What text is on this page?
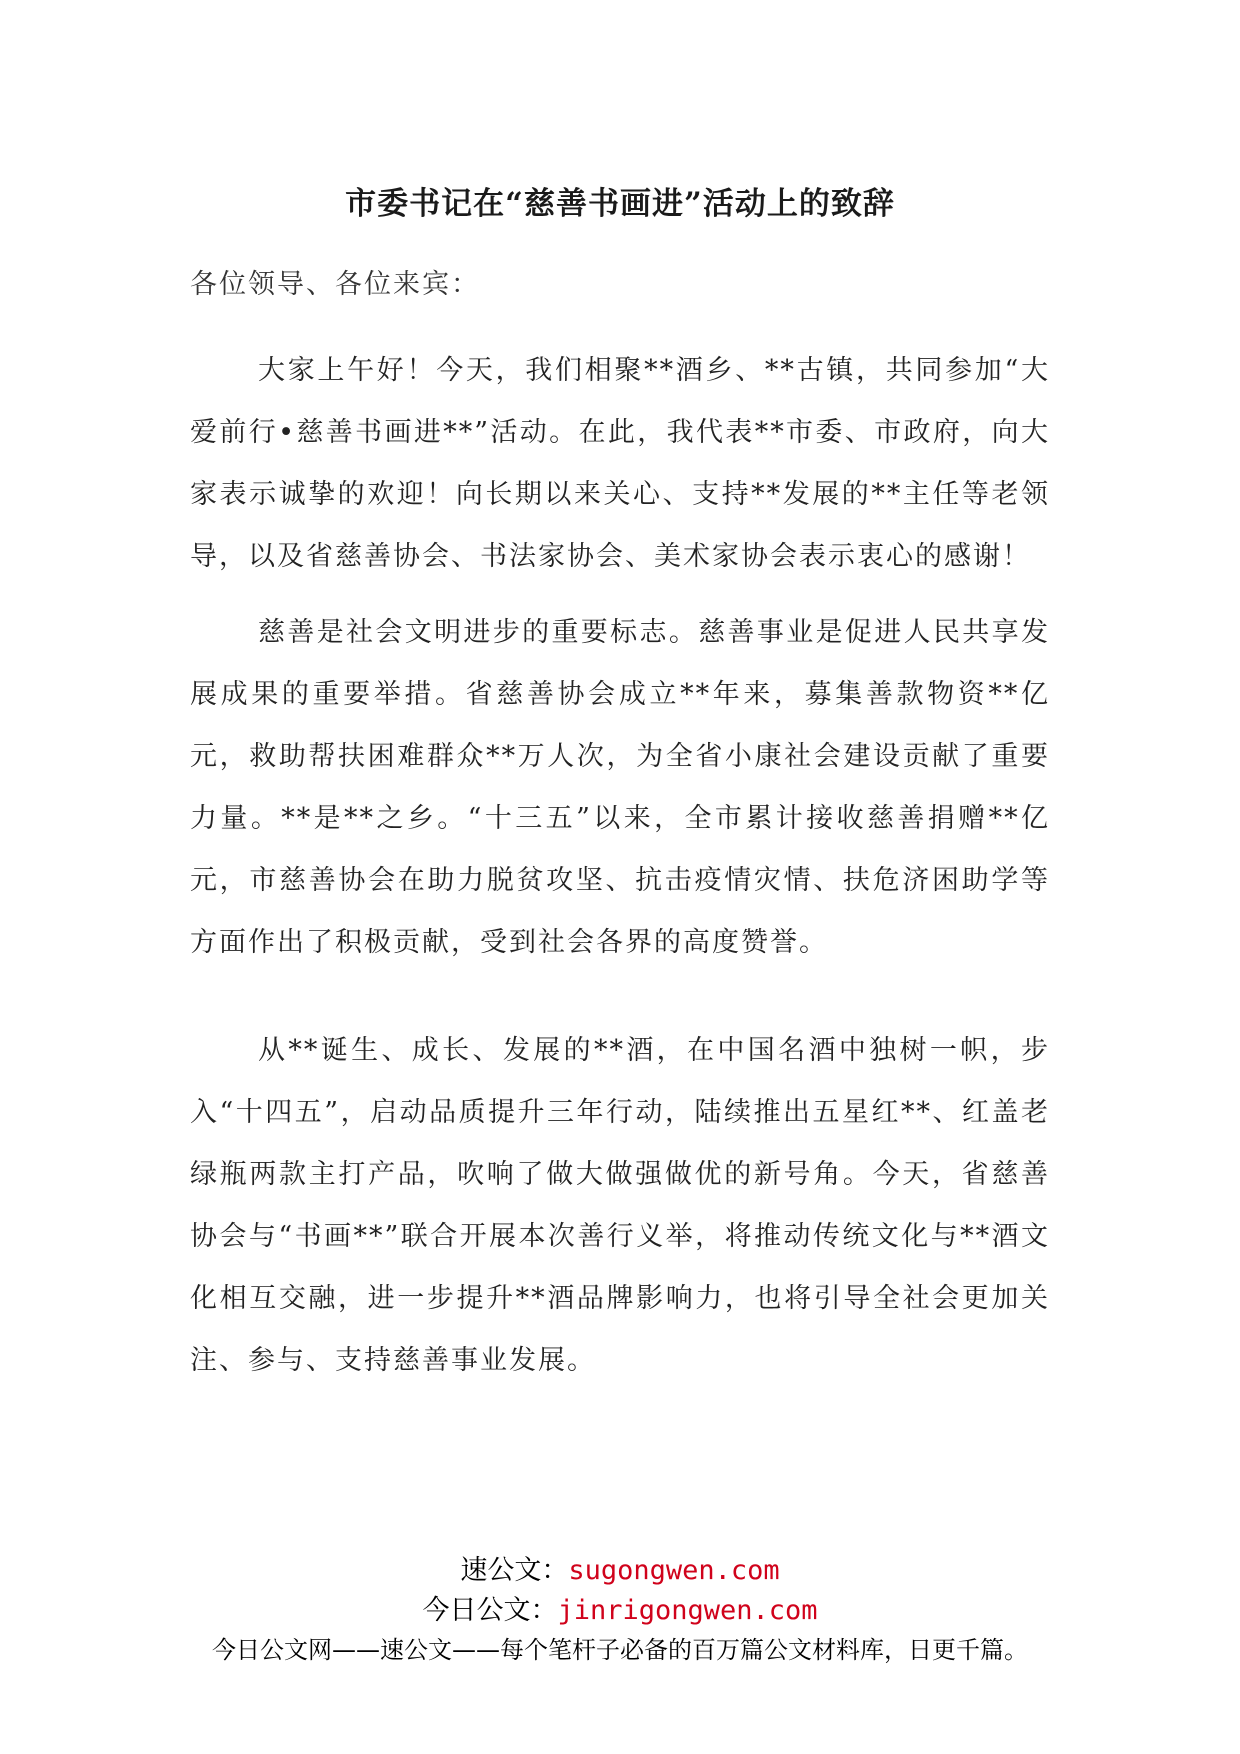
市委书记在“慈善书画进”活动上的致辞
各位领导、各位来宾：

大家上午好！今天，我们相聚**酒乡、**古镇，共同参加“大爱前行•慈善书画进**”活动。在此，我代表**市委、市政府，向大家表示诚挚的欢迎！向长期以来关心、支持**发展的**主任等老领导，以及省慈善协会、书法家协会、美术家协会表示衷心的感谢！

慈善是社会文明进步的重要标志。慈善事业是促进人民共享发展成果的重要举措。省慈善协会成立**年来，募集善款物资**亿元，救助帮扶困难群众**万人次，为全省小康社会建设贡献了重要力量。**是**之乡。“十三五”以来，全市累计接收慈善捐赠**亿元，市慈善协会在助力脱贫攻坚、抗击疫情灾情、扶危济困助学等方面作出了积极贡献，受到社会各界的高度赞誉。

从**诞生、成长、发展的**酒，在中国名酒中独树一帜，步入“十四五”，启动品质提升三年行动，陆续推出五星红**、红盖老绿瓶两款主打产品，吹响了做大做强做优的新号角。今天，省慈善协会与“书画**”联合开展本次善行义举，将推动传统文化与**酒文化相互交融，进一步提升**酒品牌影响力，也将引导全社会更加关注、参与、支持慈善事业发展。

速公文：sugongwen.com
今日公文：jinrigongwen.com
今日公文网——速公文——每个笔杆子必备的百万篇公文材料库，日更千篇。
